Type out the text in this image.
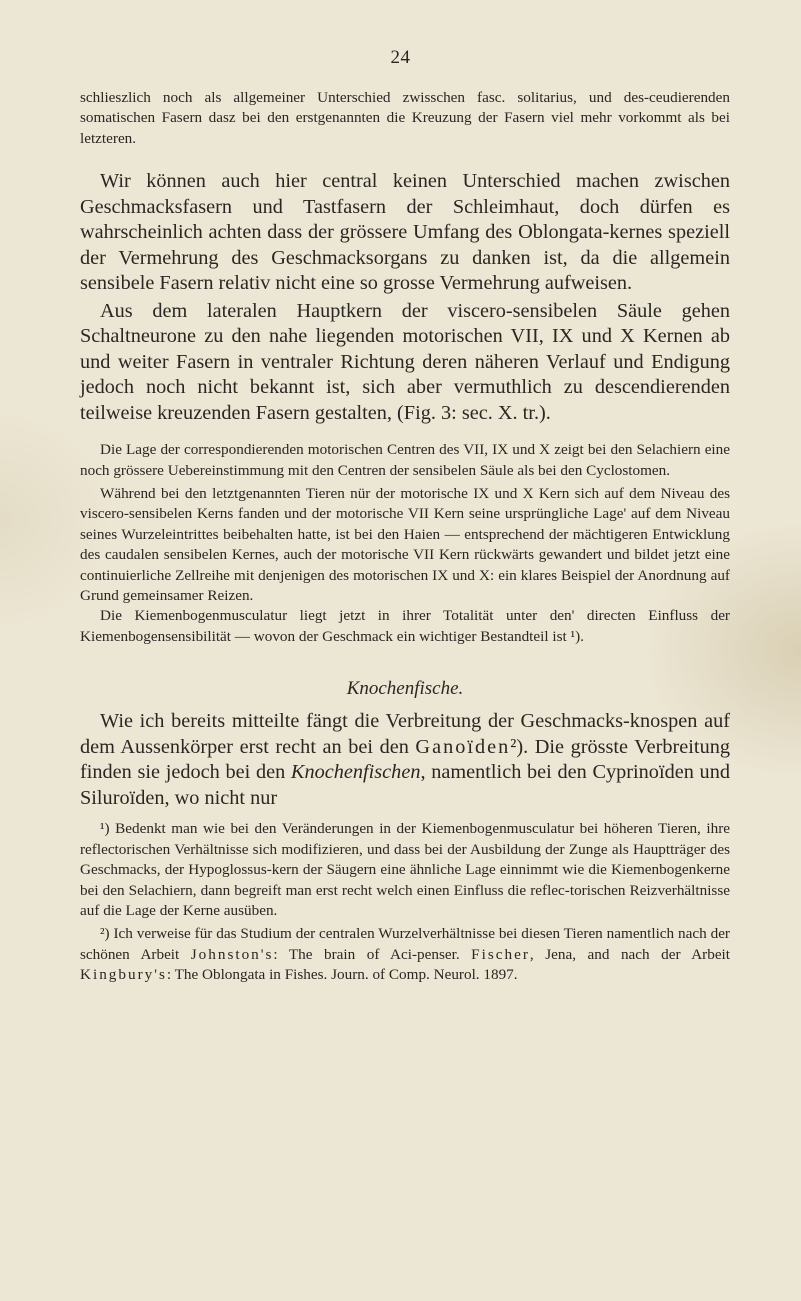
24

schlieszlich noch als allgemeiner Unterschied zwisschen fasc. solitarius, und des-ceudierenden somatischen Fasern dasz bei den erstgenannten die Kreuzung der Fasern viel mehr vorkommt als bei letzteren.

Wir können auch hier central keinen Unterschied machen zwischen Geschmacksfasern und Tastfasern der Schleimhaut, doch dürfen es wahrscheinlich achten dass der grössere Umfang des Oblongata-kernes speziell der Vermehrung des Geschmacksorgans zu danken ist, da die allgemein sensibele Fasern relativ nicht eine so grosse Vermehrung aufweisen.

Aus dem lateralen Hauptkern der viscero-sensibelen Säule gehen Schaltneurone zu den nahe liegenden motorischen VII, IX und X Kernen ab und weiter Fasern in ventraler Richtung deren näheren Verlauf und Endigung jedoch noch nicht bekannt ist, sich aber vermuthlich zu descendierenden teilweise kreuzenden Fasern gestalten, (Fig. 3: sec. X. tr.).

Die Lage der correspondierenden motorischen Centren des VII, IX und X zeigt bei den Selachiern eine noch grössere Uebereinstimmung mit den Centren der sensibelen Säule als bei den Cyclostomen.

Während bei den letztgenannten Tieren nür der motorische IX und X Kern sich auf dem Niveau des viscero-sensibelen Kerns fanden und der motorische VII Kern seine ursprüngliche Lage' auf dem Niveau seines Wurzeleintrittes beibehalten hatte, ist bei den Haien — entsprechend der mächtigeren Entwicklung des caudalen sensibelen Kernes, auch der motorische VII Kern rückwärts gewandert und bildet jetzt eine continuierliche Zellreihe mit denjenigen des motorischen IX und X: ein klares Beispiel der Anordnung auf Grund gemeinsamer Reizen.

Die Kiemenbogenmusculatur liegt jetzt in ihrer Totalität unter den' directen Einfluss der Kiemenbogensensibilität — wovon der Geschmack ein wichtiger Bestandteil ist ¹).

Knochenfische.

Wie ich bereits mitteilte fängt die Verbreitung der Geschmacks-knospen auf dem Aussenkörper erst recht an bei den Ganoïden²). Die grösste Verbreitung finden sie jedoch bei den Knochenfischen, namentlich bei den Cyprinoïden und Siluroïden, wo nicht nur

¹) Bedenkt man wie bei den Veränderungen in der Kiemenbogenmusculatur bei höheren Tieren, ihre reflectorischen Verhältnisse sich modifizieren, und dass bei der Ausbildung der Zunge als Hauptträger des Geschmacks, der Hypoglossus-kern der Säugern eine ähnliche Lage einnimmt wie die Kiemenbogenkerne bei den Selachiern, dann begreift man erst recht welch einen Einfluss die reflec-torischen Reizverhältnisse auf die Lage der Kerne ausüben.

²) Ich verweise für das Studium der centralen Wurzelverhältnisse bei diesen Tieren namentlich nach der schönen Arbeit Johnston's: The brain of Aci-penser. Fischer, Jena, and nach der Arbeit Kingbury's: The Oblongata in Fishes. Journ. of Comp. Neurol. 1897.
